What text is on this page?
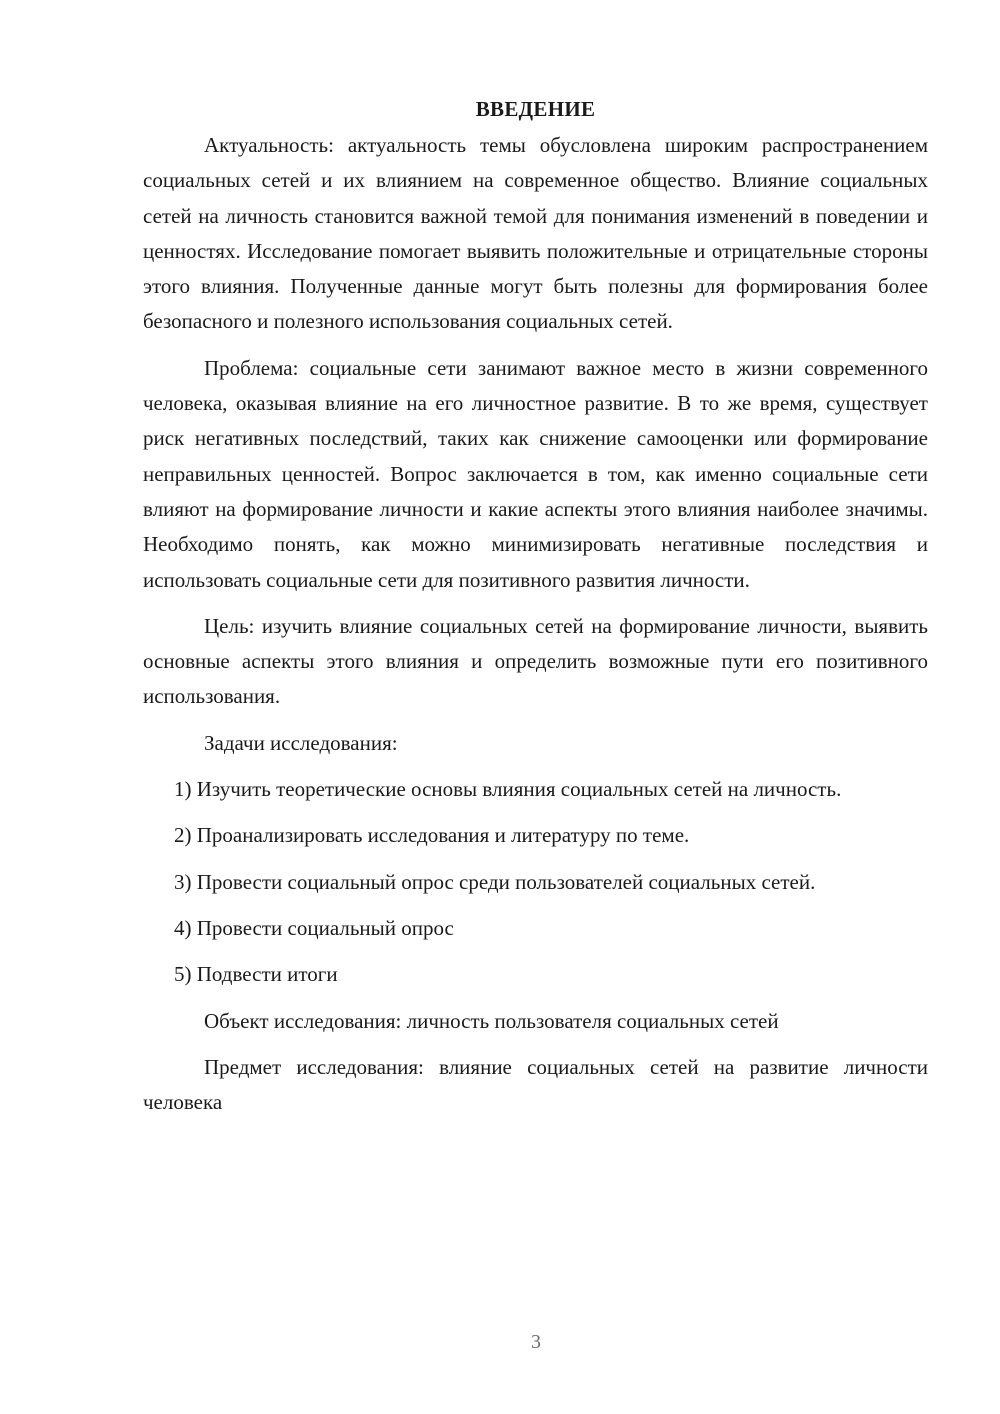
ВВЕДЕНИЕ

Актуальность: актуальность темы обусловлена широким распространением социальных сетей и их влиянием на современное общество. Влияние социальных сетей на личность становится важной темой для понимания изменений в поведении и ценностях. Исследование помогает выявить положительные и отрицательные стороны этого влияния. Полученные данные могут быть полезны для формирования более безопасного и полезного использования социальных сетей.

Проблема: социальные сети занимают важное место в жизни современного человека, оказывая влияние на его личностное развитие. В то же время, существует риск негативных последствий, таких как снижение самооценки или формирование неправильных ценностей. Вопрос заключается в том, как именно социальные сети влияют на формирование личности и какие аспекты этого влияния наиболее значимы. Необходимо понять, как можно минимизировать негативные последствия и использовать социальные сети для позитивного развития личности.

Цель: изучить влияние социальных сетей на формирование личности, выявить основные аспекты этого влияния и определить возможные пути его позитивного использования.

Задачи исследования:

1) Изучить теоретические основы влияния социальных сетей на личность.

2) Проанализировать исследования и литературу по теме.

3) Провести социальный опрос среди пользователей социальных сетей.

4) Провести социальный опрос

5) Подвести итоги

Объект исследования: личность пользователя социальных сетей

Предмет исследования: влияние социальных сетей на развитие личности человека

3
